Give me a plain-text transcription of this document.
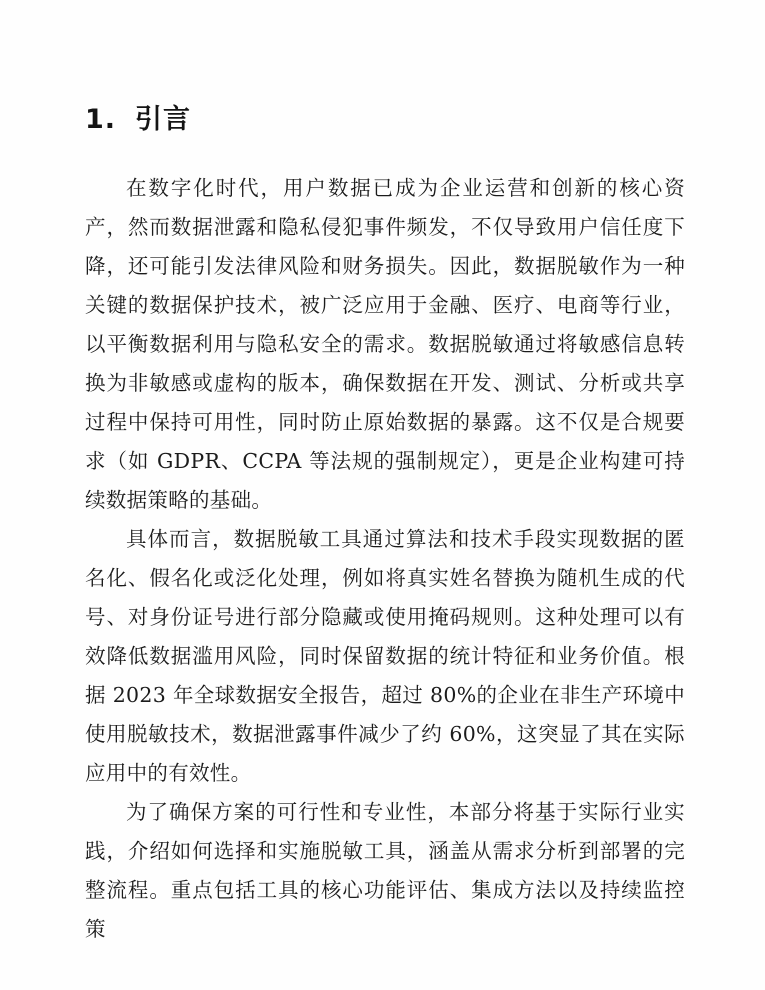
1. 引言

在数字化时代，用户数据已成为企业运营和创新的核心资产，然而数据泄露和隐私侵犯事件频发，不仅导致用户信任度下降，还可能引发法律风险和财务损失。因此，数据脱敏作为一种关键的数据保护技术，被广泛应用于金融、医疗、电商等行业，以平衡数据利用与隐私安全的需求。数据脱敏通过将敏感信息转换为非敏感或虚构的版本，确保数据在开发、测试、分析或共享过程中保持可用性，同时防止原始数据的暴露。这不仅是合规要求（如 GDPR、CCPA 等法规的强制规定），更是企业构建可持续数据策略的基础。

具体而言，数据脱敏工具通过算法和技术手段实现数据的匿名化、假名化或泛化处理，例如将真实姓名替换为随机生成的代号、对身份证号进行部分隐藏或使用掩码规则。这种处理可以有效降低数据滥用风险，同时保留数据的统计特征和业务价值。根据 2023 年全球数据安全报告，超过 80%的企业在非生产环境中使用脱敏技术，数据泄露事件减少了约 60%，这突显了其在实际应用中的有效性。

为了确保方案的可行性和专业性，本部分将基于实际行业实践，介绍如何选择和实施脱敏工具，涵盖从需求分析到部署的完整流程。重点包括工具的核心功能评估、集成方法以及持续监控策
